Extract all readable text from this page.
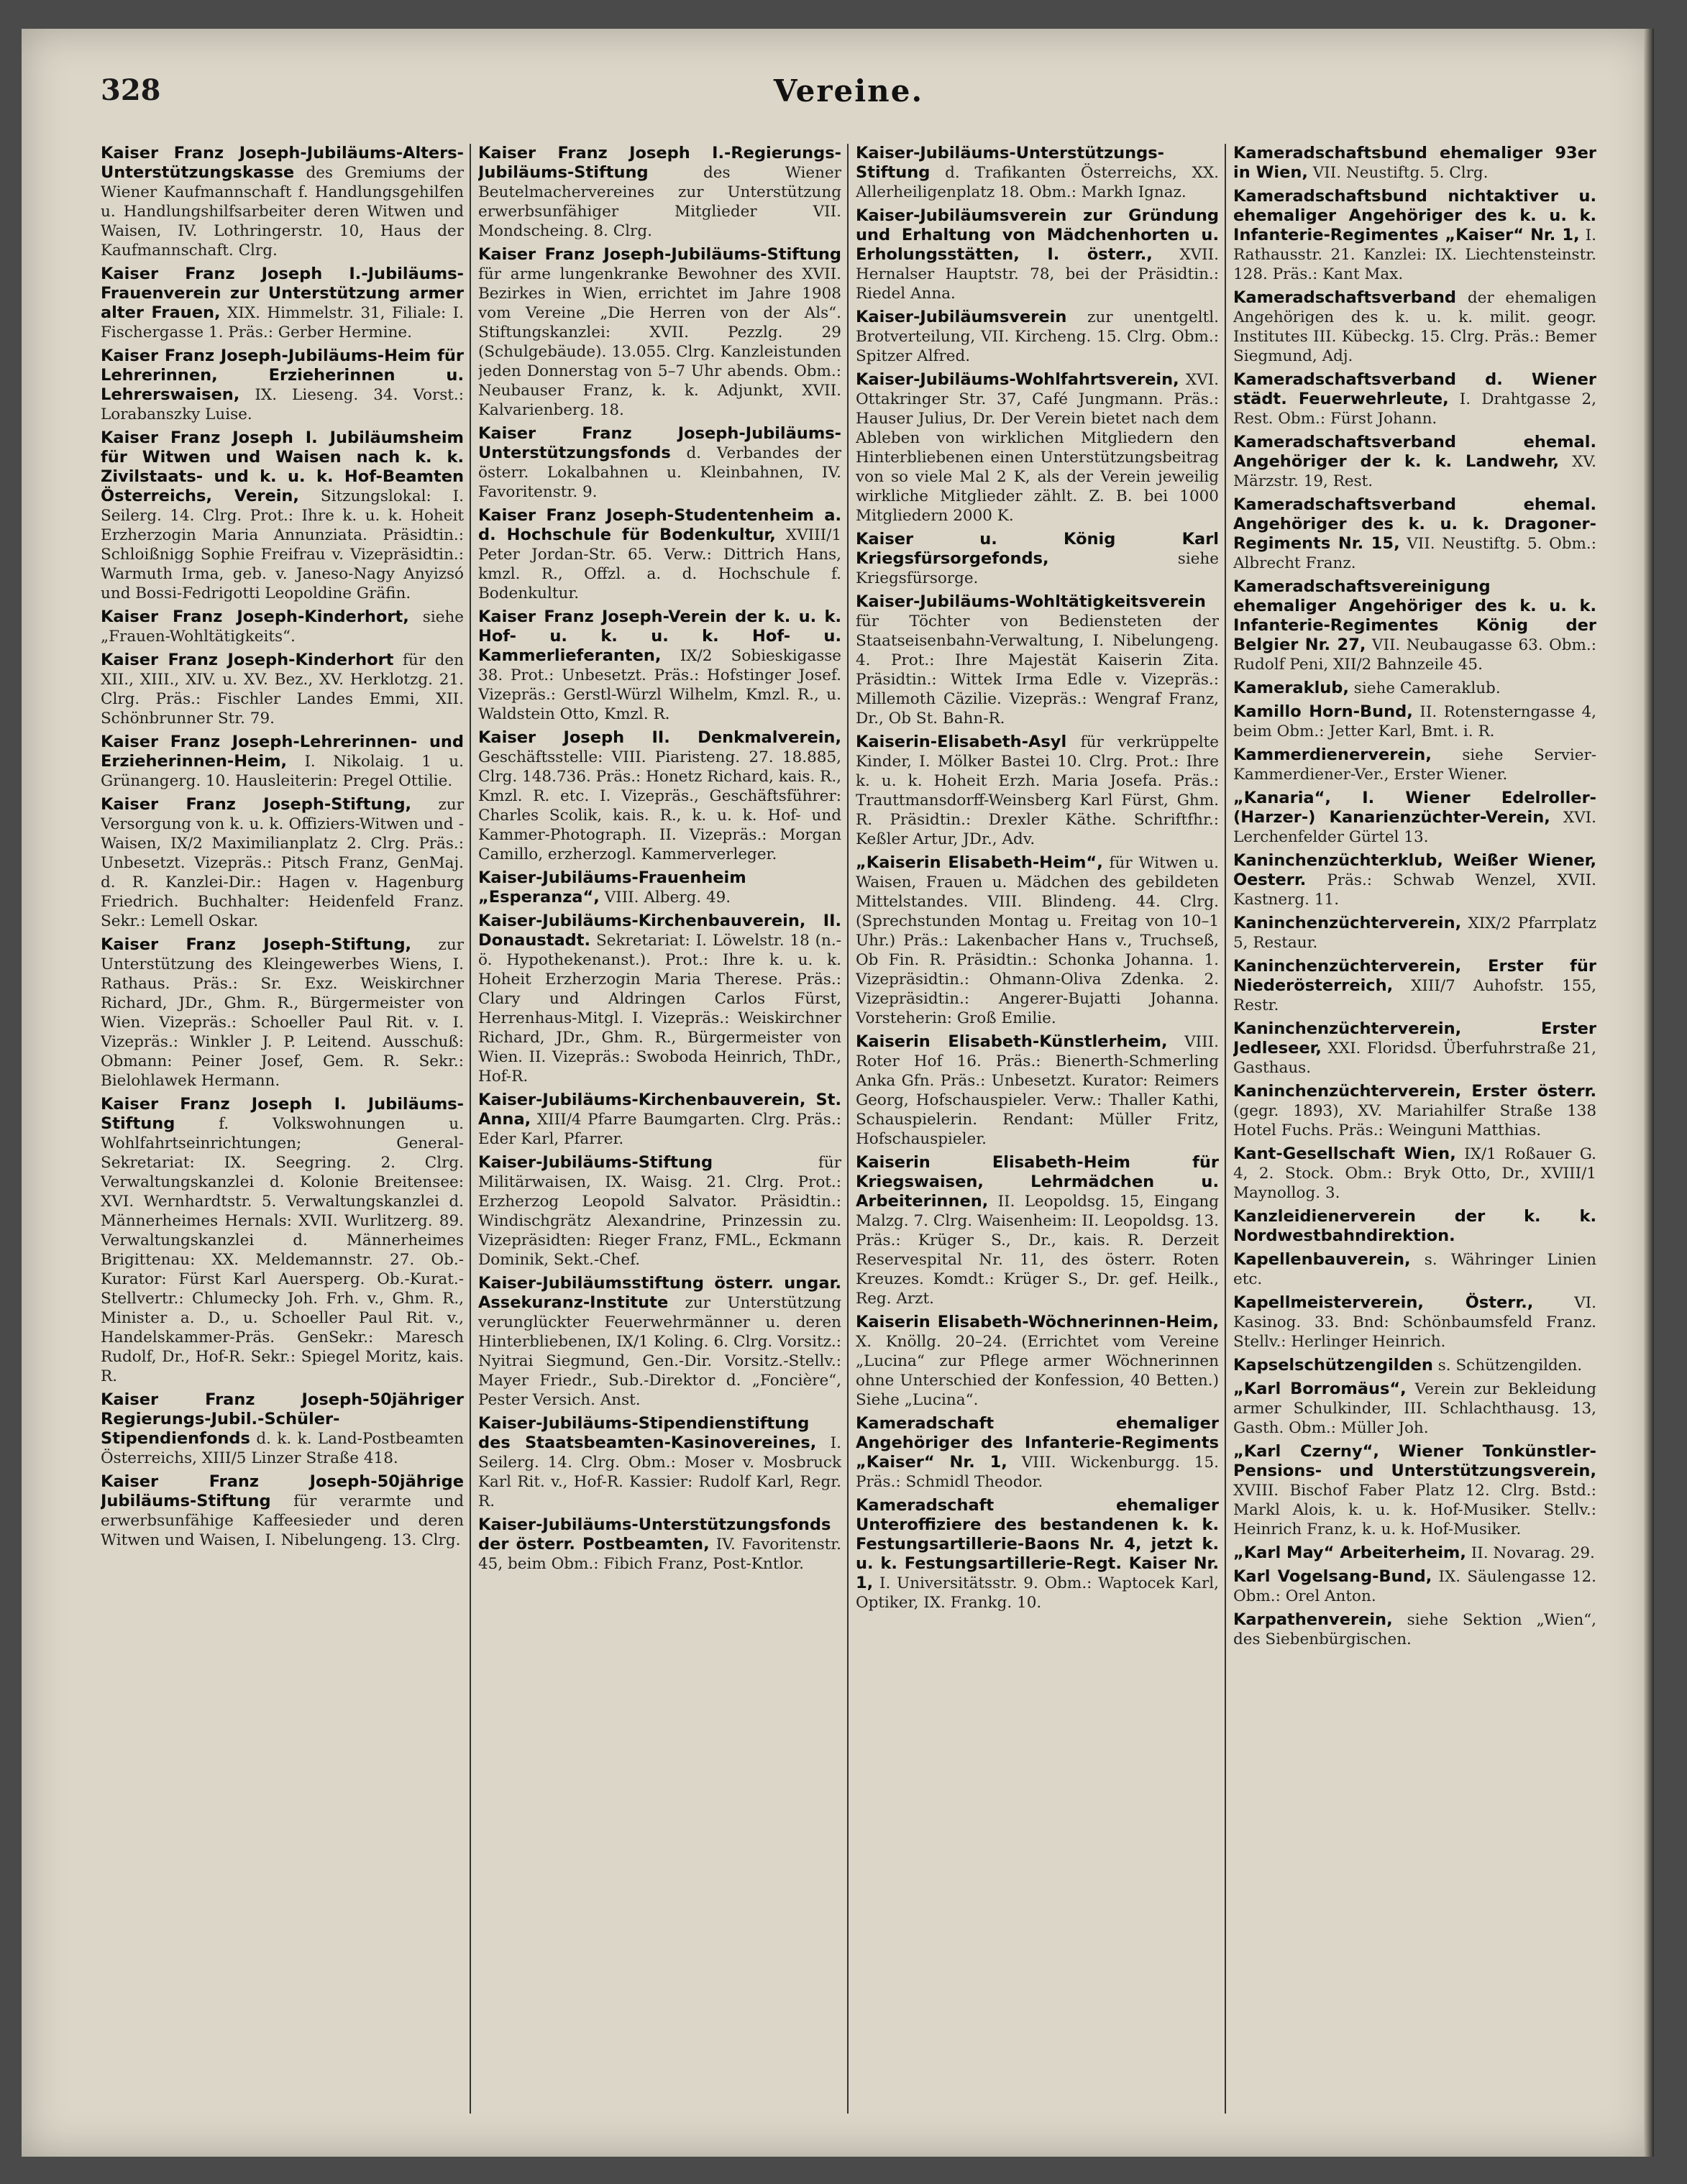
328	Vereine.

Kaiser Franz Joseph-Jubiläums-Alters-Unterstützungskasse des Gremiums der Wiener Kaufmannschaft f. Handlungsgehilfen u. Handlungshilfsarbeiter deren Witwen und Waisen, IV. Lothringerstr. 10, Haus der Kaufmannschaft. Clrg.

Kaiser Franz Joseph I.-Jubiläums-Frauenverein zur Unterstützung armer alter Frauen, XIX. Himmelstr. 31, Filiale: I. Fischergasse 1. Präs.: Gerber Hermine.

Kaiser Franz Joseph-Jubiläums-Heim für Lehrerinnen, Erzieherinnen u. Lehrerswaisen, IX. Lieseng. 34. Vorst.: Lorabanszky Luise.

Kaiser Franz Joseph I. Jubiläumsheim für Witwen und Waisen nach k. k. Zivilstaats- und k. u. k. Hof-Beamten Österreichs, Verein, Sitzungslokal: I. Seilerg. 14. Clrg. Prot.: Ihre k. u. k. Hoheit Erzherzogin Maria Annunziata. Präsidtin.: Schloißnigg Sophie Freifrau v. Vizepräsidtin.: Warmuth Irma, geb. v. Janeso-Nagy Anyizsó und Bossi-Fedrigotti Leopoldine Gräfin.

Kaiser Franz Joseph-Kinderhort, siehe „Frauen-Wohltätigkeits“.

Kaiser Franz Joseph-Kinderhort für den XII., XIII., XIV. u. XV. Bez., XV. Herklotzg. 21. Clrg. Präs.: Fischler Landes Emmi, XII. Schönbrunner Str. 79.

Kaiser Franz Joseph-Lehrerinnen- und Erzieherinnen-Heim, I. Nikolaig. 1 u. Grünangerg. 10. Hausleiterin: Pregel Ottilie.

Kaiser Franz Joseph-Stiftung, zur Versorgung von k. u. k. Offiziers-Witwen und -Waisen, IX/2 Maximilianplatz 2. Clrg. Präs.: Unbesetzt. Vizepräs.: Pitsch Franz, GenMaj. d. R. Kanzlei-Dir.: Hagen v. Hagenburg Friedrich. Buchhalter: Heidenfeld Franz. Sekr.: Lemell Oskar.

Kaiser Franz Joseph-Stiftung, zur Unterstützung des Kleingewerbes Wiens, I. Rathaus. Präs.: Sr. Exz. Weiskirchner Richard, JDr., Ghm. R., Bürgermeister von Wien. Vizepräs.: Schoeller Paul Rit. v. I. Vizepräs.: Winkler J. P. Leitend. Ausschuß: Obmann: Peiner Josef, Gem. R. Sekr.: Bielohlawek Hermann.

Kaiser Franz Joseph I. Jubiläums-Stiftung	f. Volkswohnungen u. Wohlfahrtseinrichtungen; General-Sekretariat: IX. Seegring. 2. Clrg. Verwaltungskanzlei d. Kolonie Breitensee: XVI. Wernhardtstr. 5. Verwaltungskanzlei d. Männerheimes Hernals: XVII. Wurlitzerg. 89. Verwaltungskanzlei d. Männerheimes Brigittenau: XX. Meldemannstr. 27. Ob.-Kurator: Fürst Karl Auersperg. Ob.-Kurat.-Stellvertr.: Chlumecky Joh. Frh. v., Ghm. R., Minister a. D., u. Schoeller Paul Rit. v., Handelskammer-Präs. GenSekr.: Maresch Rudolf, Dr., Hof-R. Sekr.: Spiegel Moritz, kais. R.

Kaiser Franz Joseph-50jähriger Regierungs-Jubil.-Schüler-Stipendienfonds d. k. k. Land-Postbeamten Österreichs, XIII/5 Linzer Straße 418.

Kaiser Franz Joseph-50jährige Jubiläums-Stiftung für verarmte und erwerbsunfähige Kaffeesieder und deren Witwen und Waisen, I. Nibelungeng. 13. Clrg.

Kaiser Franz Joseph I.-Regierungs-Jubiläums-Stiftung	des Wiener Beutelmachervereines zur Unterstützung erwerbsunfähiger Mitglieder VII. Mondscheing. 8. Clrg.

Kaiser Franz Joseph-Jubiläums-Stiftung für arme lungenkranke Bewohner des XVII. Bezirkes in Wien, errichtet im Jahre 1908 vom Vereine „Die Herren von der Als“. Stiftungskanzlei: XVII. Pezzlg. 29 (Schulgebäude). 13.055. Clrg. Kanzleistunden jeden Donnerstag von 5–7 Uhr abends. Obm.: Neubauser Franz, k. k. Adjunkt, XVII. Kalvarienberg. 18.

Kaiser Franz Joseph-Jubiläums-Unterstützungsfonds d. Verbandes der österr. Lokalbahnen u. Kleinbahnen, IV. Favoritenstr. 9.

Kaiser Franz Joseph-Studentenheim a. d. Hochschule für Bodenkultur, XVIII/1 Peter Jordan-Str. 65. Verw.: Dittrich Hans, kmzl. R., Offzl. a. d. Hochschule f. Bodenkultur.

Kaiser Franz Joseph-Verein der k. u. k. Hof- u. k. u. k. Hof- u. Kammerlieferanten, IX/2 Sobieskigasse 38. Prot.: Unbesetzt. Präs.: Hofstinger Josef. Vizepräs.: Gerstl-Würzl Wilhelm, Kmzl. R., u. Waldstein Otto, Kmzl. R.

Kaiser Joseph II. Denkmalverein, Geschäftsstelle: VIII. Piaristeng. 27. 18.885, Clrg. 148.736. Präs.: Honetz Richard, kais. R., Kmzl. R. etc. I. Vizepräs., Geschäftsführer: Charles Scolik, kais. R., k. u. k. Hof- und Kammer-Photograph. II. Vizepräs.: Morgan Camillo, erzherzogl. Kammerverleger.

Kaiser-Jubiläums-Frauenheim „Esperanza“, VIII. Alberg. 49.

Kaiser-Jubiläums-Kirchenbauverein, II. Donaustadt. Sekretariat: I. Löwelstr. 18 (n.-ö. Hypothekenanst.). Prot.: Ihre k. u. k. Hoheit Erzherzogin Maria Therese. Präs.: Clary und Aldringen Carlos Fürst, Herrenhaus-Mitgl. I. Vizepräs.: Weiskirchner Richard, JDr., Ghm. R., Bürgermeister von Wien. II. Vizepräs.: Swoboda Heinrich, ThDr., Hof-R.

Kaiser-Jubiläums-Kirchenbauverein, St. Anna, XIII/4 Pfarre Baumgarten. Clrg. Präs.: Eder Karl, Pfarrer.

Kaiser-Jubiläums-Stiftung	für Militärwaisen, IX. Waisg. 21. Clrg. Prot.: Erzherzog Leopold Salvator. Präsidtin.: Windischgrätz Alexandrine, Prinzessin zu. Vizepräsidten: Rieger Franz, FML., Eckmann Dominik, Sekt.-Chef.

Kaiser-Jubiläumsstiftung österr. ungar. Assekuranz-Institute zur Unterstützung verunglückter Feuerwehrmänner u. deren Hinterbliebenen, IX/1 Koling. 6. Clrg. Vorsitz.: Nyitrai Siegmund, Gen.-Dir. Vorsitz.-Stellv.: Mayer Friedr., Sub.-Direktor d. „Foncière“, Pester Versich. Anst.

Kaiser-Jubiläums-Stipendienstiftung des Staatsbeamten-Kasinovereines, I. Seilerg. 14. Clrg. Obm.: Moser v. Mosbruck Karl Rit. v., Hof-R. Kassier: Rudolf Karl, Regr. R.

Kaiser-Jubiläums-Unterstützungsfonds der österr. Postbeamten, IV. Favoritenstr. 45, beim Obm.: Fibich Franz, Post-Kntlor.

Kaiser-Jubiläums-Unterstützungs-Stiftung d. Trafikanten Österreichs, XX. Allerheiligenplatz 18. Obm.: Markh Ignaz.

Kaiser-Jubiläumsverein zur Gründung und Erhaltung von Mädchenhorten u. Erholungsstätten, I. österr., XVII. Hernalser Hauptstr. 78, bei der Präsidtin.: Riedel Anna.

Kaiser-Jubiläumsverein zur unentgeltl. Brotverteilung, VII. Kircheng. 15. Clrg. Obm.: Spitzer Alfred.

Kaiser-Jubiläums-Wohlfahrtsverein, XVI. Ottakringer Str. 37, Café Jungmann. Präs.: Hauser Julius, Dr. Der Verein bietet nach dem Ableben von wirklichen Mitgliedern den Hinterbliebenen einen Unterstützungsbeitrag von so viele Mal 2 K, als der Verein jeweilig wirkliche Mitglieder zählt. Z. B. bei 1000 Mitgliedern 2000 K.

Kaiser u. König Karl Kriegsfürsorgefonds,	siehe Kriegsfürsorge.

Kaiser-Jubiläums-Wohltätigkeitsverein für Töchter von Bediensteten der Staatseisenbahn-Verwaltung, I. Nibelungeng. 4. Prot.: Ihre Majestät Kaiserin Zita. Präsidtin.: Wittek Irma Edle v. Vizepräs.: Millemoth Cäzilie. Vizepräs.: Wengraf Franz, Dr., Ob St. Bahn-R.

Kaiserin-Elisabeth-Asyl für verkrüppelte Kinder, I. Mölker Bastei 10. Clrg. Prot.: Ihre k. u. k. Hoheit Erzh. Maria Josefa. Präs.: Trauttmansdorff-Weinsberg Karl Fürst, Ghm. R. Präsidtin.: Drexler Käthe. Schriftfhr.: Keßler Artur, JDr., Adv.

„Kaiserin Elisabeth-Heim“, für Witwen u. Waisen, Frauen u. Mädchen des gebildeten Mittelstandes. VIII. Blindeng. 44. Clrg. (Sprechstunden Montag u. Freitag von 10–1 Uhr.) Präs.: Lakenbacher Hans v., Truchseß, Ob Fin. R. Präsidtin.: Schonka Johanna. 1. Vizepräsidtin.: Ohmann-Oliva Zdenka. 2. Vizepräsidtin.: Angerer-Bujatti Johanna. Vorsteherin: Groß Emilie.

Kaiserin Elisabeth-Künstlerheim, VIII. Roter Hof 16. Präs.: Bienerth-Schmerling Anka Gfn. Präs.: Unbesetzt. Kurator: Reimers Georg, Hofschauspieler. Verw.: Thaller Kathi, Schauspielerin. Rendant: Müller Fritz, Hofschauspieler.

Kaiserin Elisabeth-Heim für Kriegswaisen, Lehrmädchen u. Arbeiterinnen, II. Leopoldsg. 15, Eingang Malzg. 7. Clrg. Waisenheim: II. Leopoldsg. 13. Präs.: Krüger S., Dr., kais. R. Derzeit Reservespital Nr. 11, des österr. Roten Kreuzes. Komdt.: Krüger S., Dr. gef. Heilk., Reg. Arzt.

Kaiserin Elisabeth-Wöchnerinnen-Heim, X. Knöllg. 20–24. (Errichtet vom Vereine „Lucina“ zur Pflege armer Wöchnerinnen ohne Unterschied der Konfession, 40 Betten.) Siehe „Lucina“.

Kameradschaft ehemaliger Angehöriger des Infanterie-Regiments „Kaiser“ Nr. 1, VIII. Wickenburgg. 15. Präs.: Schmidl Theodor.

Kameradschaft ehemaliger Unteroffiziere des bestandenen k. k. Festungsartillerie-Baons Nr. 4, jetzt k. u. k. Festungsartillerie-Regt. Kaiser Nr. 1, I. Universitätsstr. 9. Obm.: Waptocek Karl, Optiker, IX. Frankg. 10.

Kameradschaftsbund ehemaliger 93er in Wien, VII. Neustiftg. 5. Clrg.

Kameradschaftsbund nichtaktiver u. ehemaliger Angehöriger des k. u. k. Infanterie-Regimentes „Kaiser“ Nr. 1, I. Rathausstr. 21. Kanzlei: IX. Liechtensteinstr. 128. Präs.: Kant Max.

Kameradschaftsverband der ehemaligen Angehörigen des k. u. k. milit. geogr. Institutes III. Kübeckg. 15. Clrg. Präs.: Bemer Siegmund, Adj.

Kameradschaftsverband d. Wiener städt. Feuerwehrleute, I. Drahtgasse 2, Rest. Obm.: Fürst Johann.

Kameradschaftsverband ehemal. Angehöriger der k. k. Landwehr, XV. Märzstr. 19, Rest.

Kameradschaftsverband ehemal. Angehöriger des k. u. k. Dragoner-Regiments Nr. 15, VII. Neustiftg. 5. Obm.: Albrecht Franz.

Kameradschaftsvereinigung ehemaliger Angehöriger des k. u. k. Infanterie-Regimentes König der Belgier Nr. 27, VII. Neubaugasse 63. Obm.: Rudolf Peni, XII/2 Bahnzeile 45.

Kameraklub, siehe Cameraklub.

Kamillo Horn-Bund, II. Rotensterngasse 4, beim Obm.: Jetter Karl, Bmt. i. R.

Kammerdienerverein, siehe Servier-Kammerdiener-Ver., Erster Wiener.

„Kanaria“, I. Wiener Edelroller- (Harzer-) Kanarienzüchter-Verein, XVI. Lerchenfelder Gürtel 13.

Kaninchenzüchterklub, Weißer Wiener, Oesterr. Präs.: Schwab Wenzel, XVII. Kastnerg. 11.

Kaninchenzüchterverein, XIX/2 Pfarrplatz 5, Restaur.

Kaninchenzüchterverein, Erster für Niederösterreich, XIII/7 Auhofstr. 155, Restr.

Kaninchenzüchterverein, Erster Jedleseer, XXI. Floridsd. Überfuhrstraße 21, Gasthaus.

Kaninchenzüchterverein, Erster österr. (gegr. 1893), XV. Mariahilfer Straße 138 Hotel Fuchs. Präs.: Weinguni Matthias.

Kant-Gesellschaft Wien, IX/1 Roßauer G. 4, 2. Stock. Obm.: Bryk Otto, Dr., XVIII/1 Maynollog. 3.

Kanzleidienerverein der k. k. Nordwestbahndirektion.

Kapellenbauverein, s. Währinger Linien etc.

Kapellmeisterverein, Österr.,	VI. Kasinog. 33. Bnd: Schönbaumsfeld Franz. Stellv.: Herlinger Heinrich.

Kapselschützengilden s. Schützengilden.

„Karl Borromäus“, Verein zur Bekleidung armer Schulkinder, III. Schlachthausg. 13, Gasth. Obm.: Müller Joh.

„Karl Czerny“, Wiener Tonkünstler-Pensions- und Unterstützungsverein, XVIII. Bischof Faber Platz 12. Clrg. Bstd.: Markl Alois, k. u. k. Hof-Musiker. Stellv.: Heinrich Franz, k. u. k. Hof-Musiker.

„Karl May“ Arbeiterheim, II. Novarag. 29.

Karl Vogelsang-Bund, IX. Säulengasse 12. Obm.: Orel Anton.

Karpathenverein, siehe Sektion „Wien“, des Siebenbürgischen.
